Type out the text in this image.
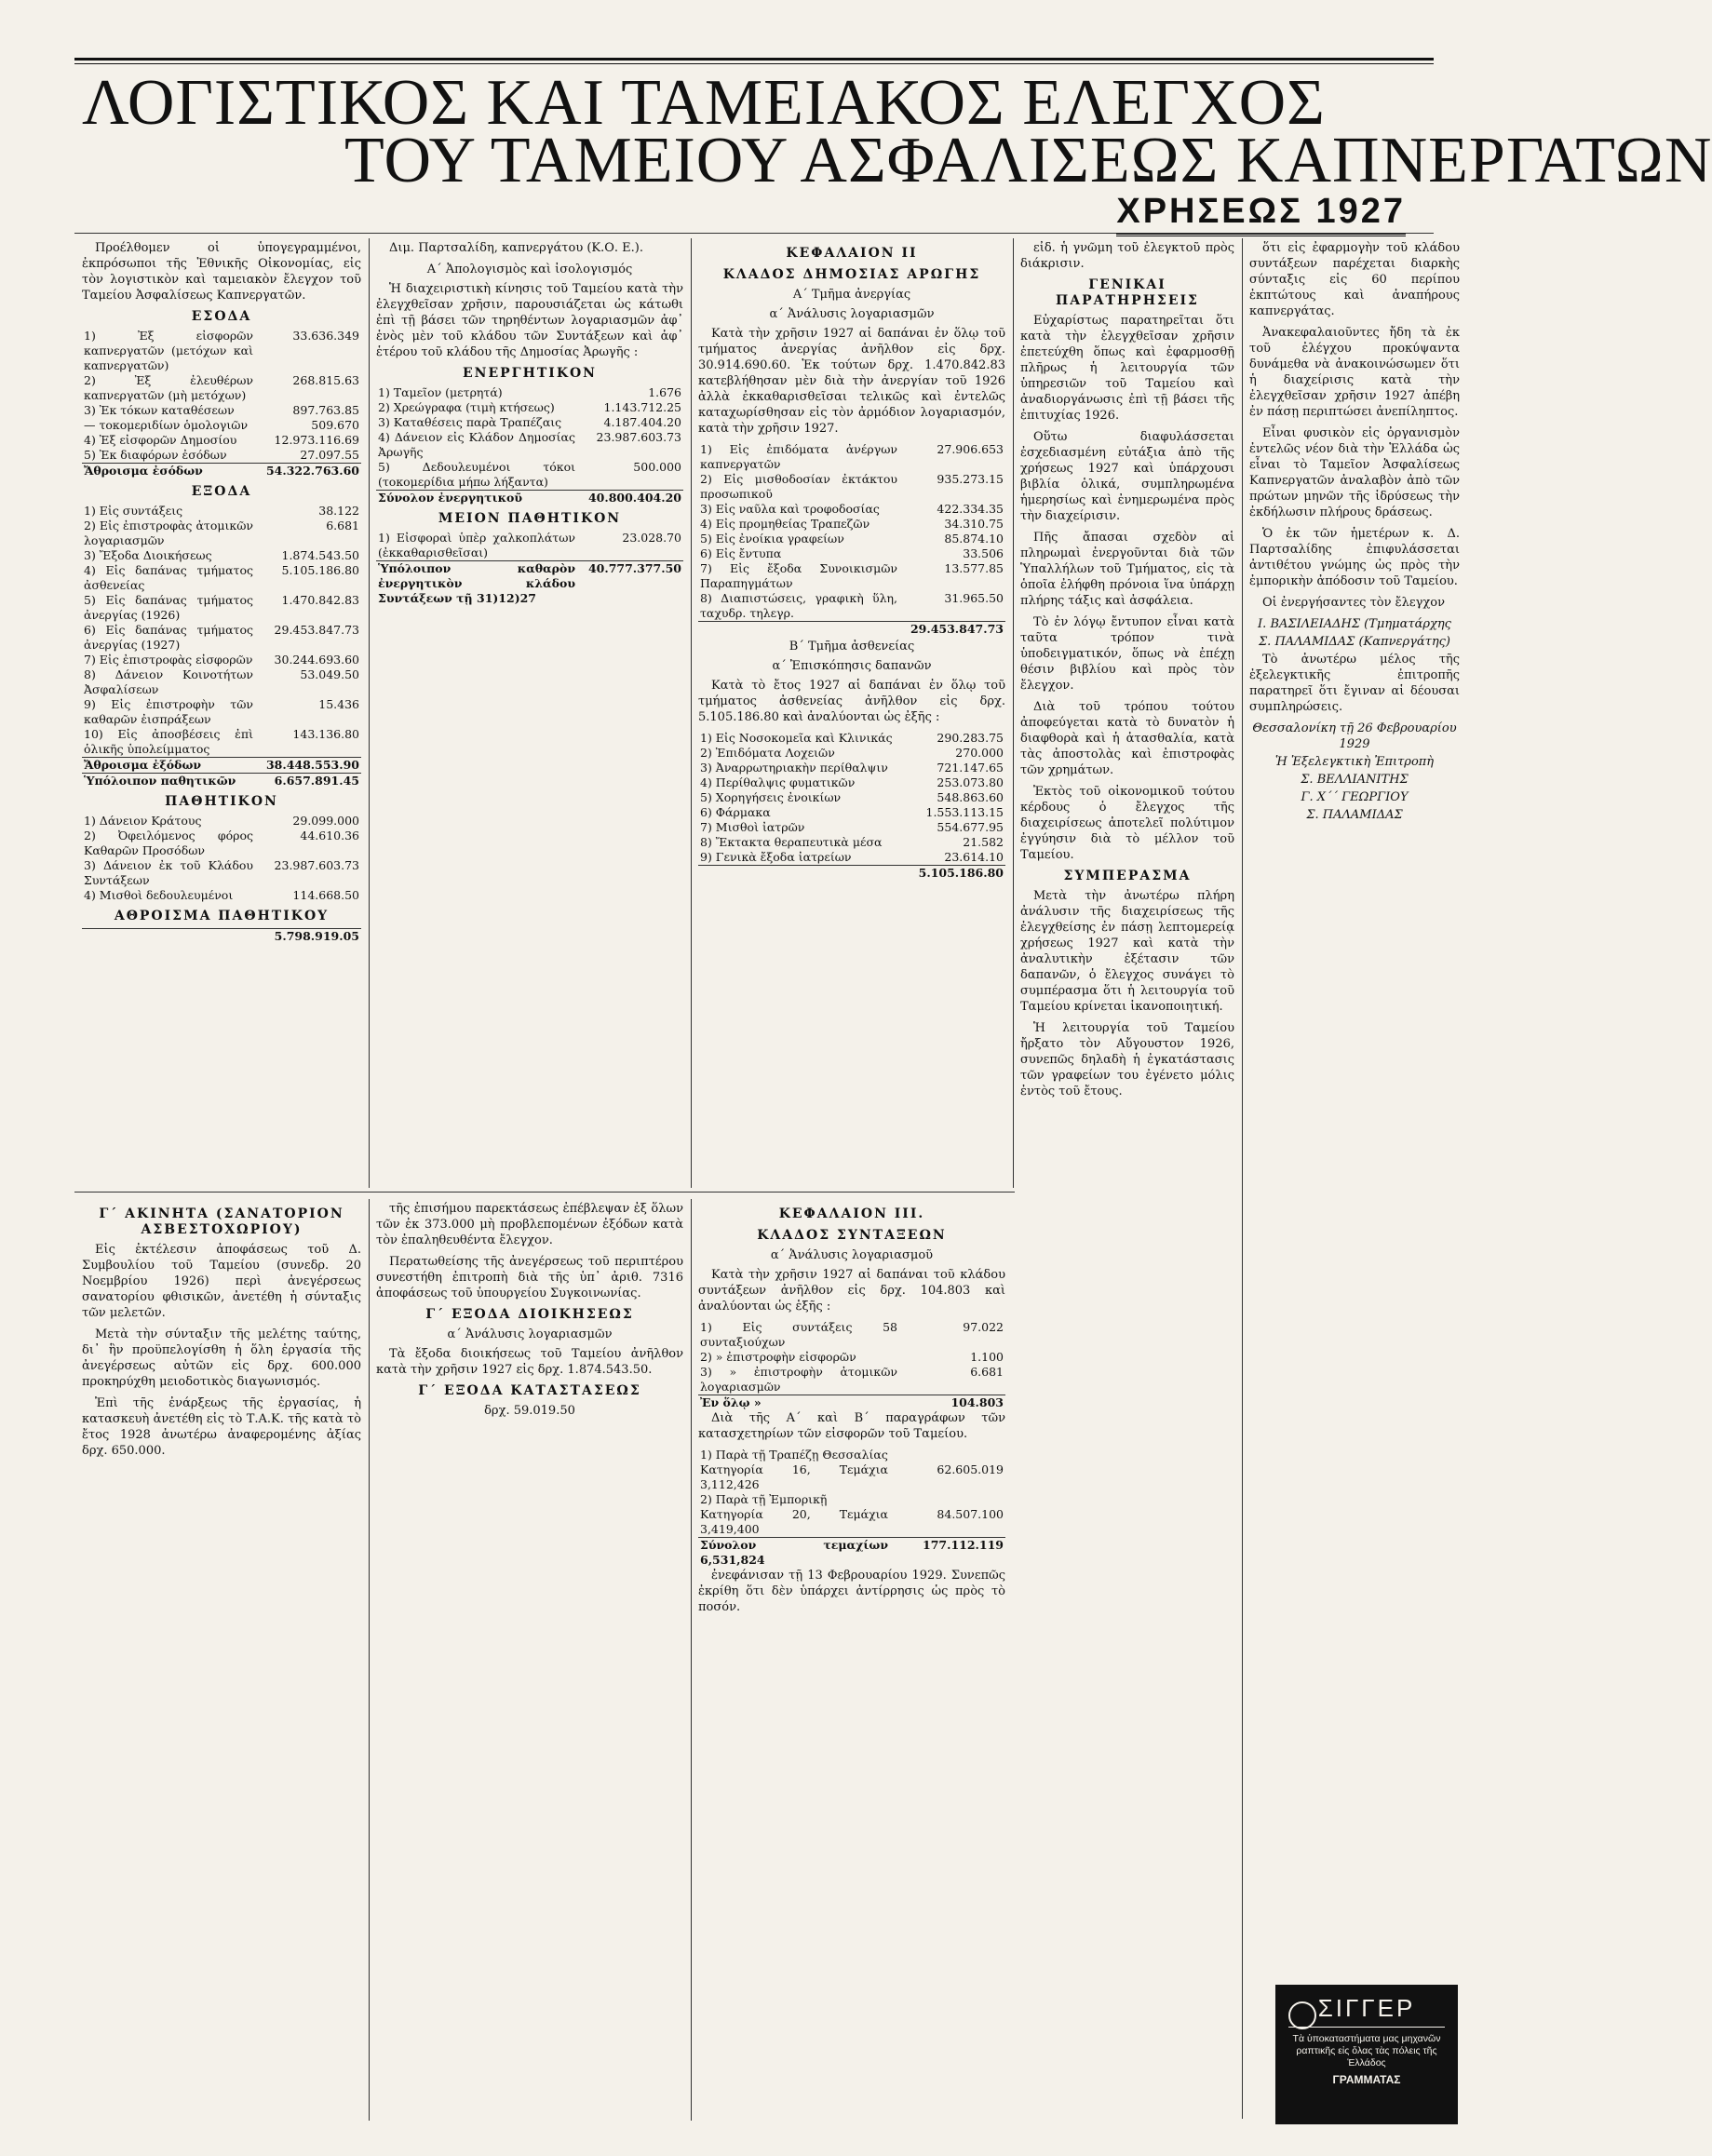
ΛΟΓΙΣΤΙΚΟΣ ΚΑΙ ΤΑΜΕΙΑΚΟΣ ΕΛΕΓΧΟΣ
ΤΟΥ ΤΑΜΕΙΟΥ ΑΣΦΑΛΙΣΕΩΣ ΚΑΠΝΕΡΓΑΤΩΝ
ΧΡΗΣΕΩΣ 1927

Προέλθομεν οἱ ὑπογεγραμμένοι, ἐκπρόσωποι τῆς Ἐθνικῆς Οἰκονομίας, εἰς τὸν λογιστικὸν καὶ ταμειακὸν ἔλεγχον τοῦ Ταμείου Ἀσφαλίσεως Καπνεργατῶν.

ΕΣΟΔΑ
1) Ἐξ εἰσφορῶν καπνεργατῶν (μετόχων καὶ καπνεργατῶν)	33.636.349
2) Ἐξ ἐλευθέρων καπνεργατῶν (μὴ μετόχων)	268.815.63
3) Ἐκ τόκων καταθέσεων	897.763.85
— τοκομεριδίων ὁμολογιῶν	509.670
4) Ἐξ εἰσφορῶν Δημοσίου	12.973.116.69
5) Ἐκ διαφόρων ἐσόδων	27.097.55
Ἄθροισμα ἐσόδων	54.322.763.60
ΕΞΟΔΑ
1) Εἰς συντάξεις	38.122
2) Εἰς ἐπιστροφὰς ἀτομικῶν λογαριασμῶν	6.681
3) Ἔξοδα Διοικήσεως	1.874.543.50
4) Εἰς δαπάνας τμήματος ἀσθενείας	5.105.186.80
5) Εἰς δαπάνας τμήματος ἀνεργίας (1926)	1.470.842.83
6) Εἰς δαπάνας τμήματος ἀνεργίας (1927)	29.453.847.73
7) Εἰς ἐπιστροφὰς εἰσφορῶν	30.244.693.60
8) Δάνειον Κοινοτήτων Ἀσφαλίσεων	53.049.50
9) Εἰς ἐπιστροφὴν τῶν καθαρῶν ἐισπράξεων	15.436
10) Εἰς ἀποσβέσεις ἐπὶ ὁλικῆς ὑπολείμματος	143.136.80
Ἄθροισμα ἐξόδων	38.448.553.90
Ὑπόλοιπον παθητικῶν	6.657.891.45
ΠΑΘΗΤΙΚΟΝ
1) Δάνειον Κράτους	29.099.000
2) Ὀφειλόμενος φόρος Καθαρῶν Προσόδων	44.610.36
3) Δάνειον ἐκ τοῦ Κλάδου Συντάξεων	23.987.603.73
4) Μισθοὶ δεδουλευμένοι	114.668.50
ΑΘΡΟΙΣΜΑ ΠΑΘΗΤΙΚΟΥ
	5.798.919.05

Διμ. Παρτσαλίδη, καπνεργάτου (Κ.Ο. Ε.).

Α΄ Ἀπολογισμὸς καὶ ἰσολογισμός

Ἡ διαχειριστικὴ κίνησις τοῦ Ταμείου κατὰ τὴν ἐλεγχθεῖσαν χρῆσιν, παρουσιάζεται ὡς κάτωθι ἐπὶ τῇ βάσει τῶν τηρηθέντων λογαριασμῶν ἀφ᾽ ἑνὸς μὲν τοῦ κλάδου τῶν Συντάξεων καὶ ἀφ᾽ ἑτέρου τοῦ κλάδου τῆς Δημοσίας Ἀρωγῆς :

ΕΝΕΡΓΗΤΙΚΟΝ
1) Ταμεῖον (μετρητά)	1.676
2) Χρεώγραφα (τιμὴ κτήσεως)	1.143.712.25
3) Καταθέσεις παρὰ Τραπέζαις	4.187.404.20
4) Δάνειον εἰς Κλάδον Δημοσίας Ἀρωγῆς	23.987.603.73
5) Δεδουλευμένοι τόκοι (τοκομερίδια μήπω λήξαντα)	500.000
Σύνολον ἐνεργητικοῦ	40.800.404.20
ΜΕΙΟΝ ΠΑΘΗΤΙΚΟΝ
1) Εἰσφοραὶ ὑπὲρ χαλκοπλάτων (ἐκκαθαρισθεῖσαι)	23.028.70
Ὑπόλοιπον καθαρὸν ἐνεργητικὸν κλάδου Συντάξεων τῇ 31)12)27	40.777.377.50
ΚΕΦΑΛΑΙΟΝ ΙΙ
ΚΛΑΔΟΣ ΔΗΜΟΣΙΑΣ ΑΡΩΓΗΣ
Α΄ Τμῆμα ἀνεργίας
α΄ Ἀνάλυσις λογαριασμῶν

Κατὰ τὴν χρῆσιν 1927 αἱ δαπάναι ἐν ὅλῳ τοῦ τμήματος ἀνεργίας ἀνῆλθον εἰς δρχ. 30.914.690.60. Ἐκ τούτων δρχ. 1.470.842.83 κατεβλήθησαν μὲν διὰ τὴν ἀνεργίαν τοῦ 1926 ἀλλὰ ἐκκαθαρισθεῖσαι τελικῶς καὶ ἐντελῶς καταχωρίσθησαν εἰς τὸν ἀρμόδιον λογαριασμόν, κατὰ τὴν χρῆσιν 1927.

1) Εἰς ἐπιδόματα ἀνέργων καπνεργατῶν	27.906.653
2) Εἰς μισθοδοσίαν ἐκτάκτου προσωπικοῦ	935.273.15
3) Εἰς ναῦλα καὶ τροφοδοσίας	422.334.35
4) Εἰς προμηθείας Τραπεζῶν	34.310.75
5) Εἰς ἐνοίκια γραφείων	85.874.10
6) Εἰς ἔντυπα	33.506
7) Εἰς ἔξοδα Συνοικισμῶν Παραπηγμάτων	13.577.85
8) Διαπιστώσεις, γραφικὴ ὕλη, ταχυδρ. τηλεγρ.	31.965.50
	29.453.847.73
Β΄ Τμῆμα ἀσθενείας
α΄ Ἐπισκόπησις δαπανῶν

Κατὰ τὸ ἔτος 1927 αἱ δαπάναι ἐν ὅλῳ τοῦ τμήματος ἀσθενείας ἀνῆλθον εἰς δρχ. 5.105.186.80 καὶ ἀναλύονται ὡς ἐξῆς :

1) Εἰς Νοσοκομεῖα καὶ Κλινικάς	290.283.75
2) Ἐπιδόματα Λοχειῶν	270.000
3) Ἀναρρωτηριακὴν περίθαλψιν	721.147.65
4) Περίθαλψις φυματικῶν	253.073.80
5) Χορηγήσεις ἐνοικίων	548.863.60
6) Φάρμακα	1.553.113.15
7) Μισθοὶ ἰατρῶν	554.677.95
8) Ἔκτακτα θεραπευτικὰ μέσα	21.582
9) Γενικὰ ἔξοδα ἰατρείων	23.614.10
	5.105.186.80

εἰδ. ἡ γνῶμη τοῦ ἐλεγκτοῦ πρὸς διάκρισιν.

ΓΕΝΙΚΑΙ ΠΑΡΑΤΗΡΗΣΕΙΣ

Εὐχαρίστως παρατηρεῖται ὅτι κατὰ τὴν ἐλεγχθεῖσαν χρῆσιν ἐπετεύχθη ὅπως καὶ ἐφαρμοσθῇ πλῆρως ἡ λειτουργία τῶν ὑπηρεσιῶν τοῦ Ταμείου καὶ ἀναδιοργάνωσις ἐπὶ τῇ βάσει τῆς ἐπιτυχίας 1926.

Οὕτω διαφυλάσσεται ἐσχεδιασμένη εὐτάξια ἀπὸ τῆς χρήσεως 1927 καὶ ὑπάρχουσι βιβλία ὁλικά, συμπληρωμένα ἡμερησίως καὶ ἐνημερωμένα πρὸς τὴν διαχείρισιν.

Πῆς ἄπασαι σχεδὸν αἱ πληρωμαὶ ἐνεργοῦνται διὰ τῶν Ὑπαλλήλων τοῦ Τμήματος, εἰς τὰ ὁποῖα ἐλήφθη πρόνοια ἵνα ὑπάρχῃ πλήρης τάξις καὶ ἀσφάλεια.

Τὸ ἐν λόγῳ ἔντυπον εἶναι κατὰ ταῦτα τρόπον τινὰ ὑποδειγματικόν, ὅπως νὰ ἐπέχῃ θέσιν βιβλίου καὶ πρὸς τὸν ἔλεγχον.

Διὰ τοῦ τρόπου τούτου ἀποφεύγεται κατὰ τὸ δυνατὸν ἡ διαφθορὰ καὶ ἡ ἀτασθαλία, κατὰ τὰς ἀποστολὰς καὶ ἐπιστροφὰς τῶν χρημάτων.

Ἐκτὸς τοῦ οἰκονομικοῦ τούτου κέρδους ὁ ἔλεγχος τῆς διαχειρίσεως ἀποτελεῖ πολύτιμον ἐγγύησιν διὰ τὸ μέλλον τοῦ Ταμείου.

ΣΥΜΠΕΡΑΣΜΑ

Μετὰ τὴν ἀνωτέρω πλήρη ἀνάλυσιν τῆς διαχειρίσεως τῆς ἐλεγχθείσης ἐν πάσῃ λεπτομερείᾳ χρήσεως 1927 καὶ κατὰ τὴν ἀναλυτικὴν ἐξέτασιν τῶν δαπανῶν, ὁ ἔλεγχος συνάγει τὸ συμπέρασμα ὅτι ἡ λειτουργία τοῦ Ταμείου κρίνεται ἱκανοποιητική.

Ἡ λειτουργία τοῦ Ταμείου ἤρξατο τὸν Αὔγουστον 1926, συνεπῶς δηλαδὴ ἡ ἐγκατάστασις τῶν γραφείων του ἐγένετο μόλις ἐντὸς τοῦ ἔτους.

ὅτι εἰς ἐφαρμογὴν τοῦ κλάδου συντάξεων παρέχεται διαρκὴς σύνταξις εἰς 60 περίπου ἐκπτώτους καὶ ἀναπήρους καπνεργάτας.

Ἀνακεφαλαιοῦντες ἤδη τὰ ἐκ τοῦ ἐλέγχου προκύψαντα δυνάμεθα νὰ ἀνακοινώσωμεν ὅτι ἡ διαχείρισις κατὰ τὴν ἐλεγχθεῖσαν χρῆσιν 1927 ἀπέβη ἐν πάσῃ περιπτώσει ἀνεπίληπτος.

Εἶναι φυσικὸν εἰς ὀργανισμὸν ἐντελῶς νέον διὰ τὴν Ἑλλάδα ὡς εἶναι τὸ Ταμεῖον Ἀσφαλίσεως Καπνεργατῶν ἀναλαβὸν ἀπὸ τῶν πρώτων μηνῶν τῆς ἱδρύσεως τὴν ἐκδήλωσιν πλήρους δράσεως.

Ὁ ἐκ τῶν ἡμετέρων κ. Δ. Παρτσαλίδης ἐπιφυλάσσεται ἀντιθέτου γνώμης ὡς πρὸς τὴν ἐμπορικὴν ἀπόδοσιν τοῦ Ταμείου.

Οἱ ἐνεργήσαντες τὸν ἔλεγχον

Ι. ΒΑΣΙΛΕΙΑΔΗΣ (Τμηματάρχης
Σ. ΠΑΛΑΜΙΔΑΣ (Καπνεργάτης)

Τὸ ἀνωτέρω μέλος τῆς ἐξελεγκτικῆς ἐπιτροπῆς παρατηρεῖ ὅτι ἔγιναν αἱ δέουσαι συμπληρώσεις.

Θεσσαλονίκη τῇ 26 Φεβρουαρίου 1929
Ἡ Ἐξελεγκτικὴ Ἐπιτροπὴ
Σ. ΒΕΛΛΙΑΝΙΤΗΣ
Γ. Χ΄΄ ΓΕΩΡΓΙΟΥ
Σ. ΠΑΛΑΜΙΔΑΣ
Γ΄ ΑΚΙΝΗΤΑ (ΣΑΝΑΤΟΡΙΟΝ ΑΣΒΕΣΤΟΧΩΡΙΟΥ)

Εἰς ἐκτέλεσιν ἀποφάσεως τοῦ Δ. Συμβουλίου τοῦ Ταμείου (συνεδρ. 20 Νοεμβρίου 1926) περὶ ἀνεγέρσεως σανατορίου φθισικῶν, ἀνετέθη ἡ σύνταξις τῶν μελετῶν.

Μετὰ τὴν σύνταξιν τῆς μελέτης ταύτης, δι᾽ ἣν προϋπελογίσθη ἡ ὅλη ἐργασία τῆς ἀνεγέρσεως αὐτῶν εἰς δρχ. 600.000 προκηρύχθη μειοδοτικὸς διαγωνισμός.

Ἐπὶ τῆς ἐνάρξεως τῆς ἐργασίας, ἡ κατασκευὴ ἀνετέθη εἰς τὸ Τ.Α.Κ. τῆς κατὰ τὸ ἔτος 1928 ἀνωτέρω ἀναφερομένης ἀξίας δρχ. 650.000.

τῆς ἐπισήμου παρεκτάσεως ἐπέβλεψαν ἐξ ὅλων τῶν ἐκ 373.000 μὴ προβλεπομένων ἐξόδων κατὰ τὸν ἐπαληθευθέντα ἔλεγχον.

Περατωθείσης τῆς ἀνεγέρσεως τοῦ περιπτέρου συνεστήθη ἐπιτροπὴ διὰ τῆς ὑπ᾽ ἀριθ. 7316 ἀποφάσεως τοῦ ὑπουργείου Συγκοινωνίας.

Γ΄ ΕΞΟΔΑ ΔΙΟΙΚΗΣΕΩΣ
α΄ Ἀνάλυσις λογαριασμῶν

Τὰ ἔξοδα διοικήσεως τοῦ Ταμείου ἀνῆλθον κατὰ τὴν χρῆσιν 1927 εἰς δρχ. 1.874.543.50.

Γ΄ ΕΞΟΔΑ ΚΑΤΑΣΤΑΣΕΩΣ
δρχ. 59.019.50
ΚΕΦΑΛΑΙΟΝ ΙΙΙ.
ΚΛΑΔΟΣ ΣΥΝΤΑΞΕΩΝ
α΄ Ἀνάλυσις λογαριασμοῦ

Κατὰ τὴν χρῆσιν 1927 αἱ δαπάναι τοῦ κλάδου συντάξεων ἀνῆλθον εἰς δρχ. 104.803 καὶ ἀναλύονται ὡς ἑξῆς :

1) Εἰς συντάξεις 58 συνταξιούχων	97.022
2) » ἐπιστροφὴν εἰσφορῶν	1.100
3) » ἐπιστροφὴν ἀτομικῶν λογαριασμῶν	6.681
Ἐν ὅλῳ »	104.803

Διὰ τῆς Α΄ καὶ Β΄ παραγράφων τῶν κατασχετηρίων τῶν εἰσφορῶν τοῦ Ταμείου.

1) Παρὰ τῇ Τραπέζῃ Θεσσαλίας	
Κατηγορία 16, Τεμάχια 3,112,426	62.605.019
2) Παρὰ τῇ Ἐμπορικῇ	
Κατηγορία 20, Τεμάχια 3,419,400	84.507.100
Σύνολον τεμαχίων 6,531,824	177.112.119

ἐνεφάνισαν τῇ 13 Φεβρουαρίου 1929. Συνεπῶς ἐκρίθη ὅτι δὲν ὑπάρχει ἀντίρρησις ὡς πρὸς τὸ ποσόν.

ΣΙΓΓΕΡ
Τὰ ὑποκαταστήματα μας μηχανῶν ραπτικῆς εἰς ὅλας τὰς πόλεις τῆς Ἑλλάδος
ΓΡΑΜΜΑΤΑΣ
